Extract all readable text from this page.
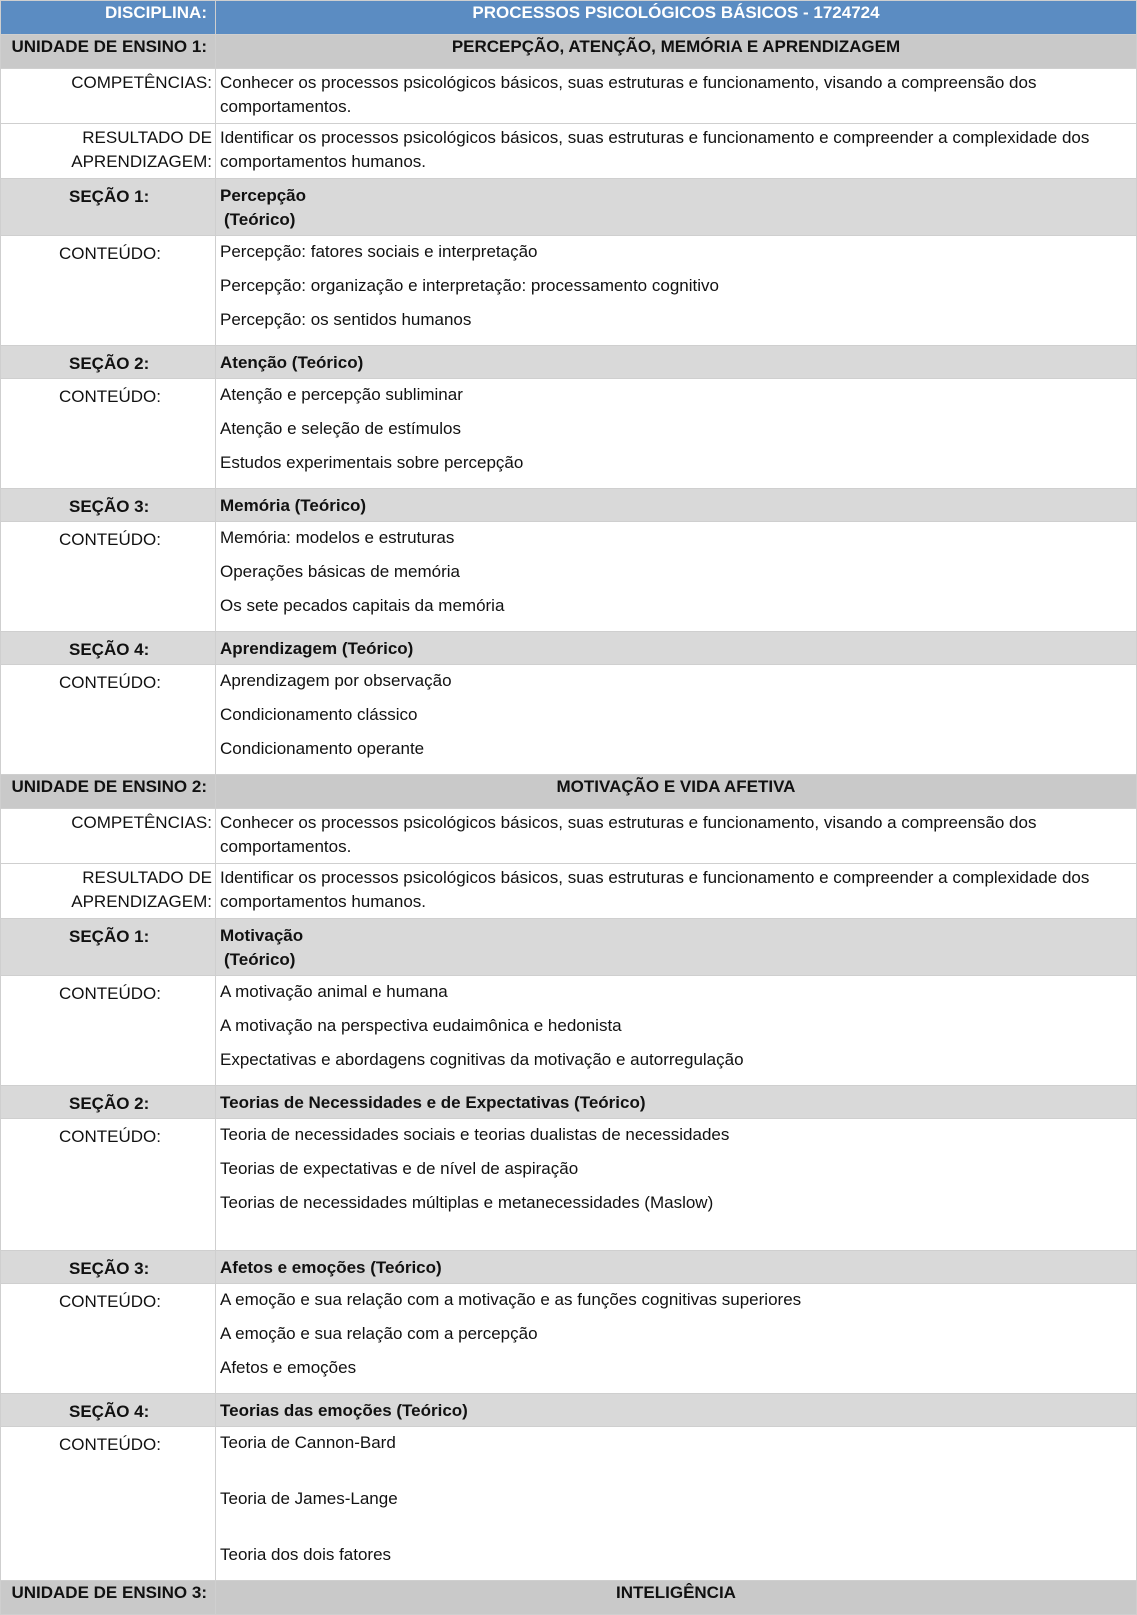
DISCIPLINA:	PROCESSOS PSICOLÓGICOS BÁSICOS - 1724724
UNIDADE DE ENSINO 1:	PERCEPÇÃO, ATENÇÃO, MEMÓRIA E APRENDIZAGEM
COMPETÊNCIAS:	Conhecer os processos psicológicos básicos, suas estruturas e funcionamento, visando a compreensão dos comportamentos.
RESULTADO DE
APRENDIZAGEM:	Identificar os processos psicológicos básicos, suas estruturas e funcionamento e compreender a complexidade dos comportamentos humanos.
SEÇÃO 1:	Percepção
(Teórico)

CONTEÚDO:	Percepção: fatores sociais e interpretação
Percepção: organização e interpretação: processamento cognitivo
Percepção: os sentidos humanos

SEÇÃO 2:	Atenção (Teórico)
CONTEÚDO:	Atenção e percepção subliminar
Atenção e seleção de estímulos
Estudos experimentais sobre percepção

SEÇÃO 3:	Memória (Teórico)
CONTEÚDO:	Memória: modelos e estruturas
Operações básicas de memória
Os sete pecados capitais da memória

SEÇÃO 4:	Aprendizagem (Teórico)
CONTEÚDO:	Aprendizagem por observação
Condicionamento clássico
Condicionamento operante

UNIDADE DE ENSINO 2:	MOTIVAÇÃO E VIDA AFETIVA
COMPETÊNCIAS:	Conhecer os processos psicológicos básicos, suas estruturas e funcionamento, visando a compreensão dos comportamentos.
RESULTADO DE
APRENDIZAGEM:	Identificar os processos psicológicos básicos, suas estruturas e funcionamento e compreender a complexidade dos comportamentos humanos.
SEÇÃO 1:	Motivação
(Teórico)

CONTEÚDO:	A motivação animal e humana
A motivação na perspectiva eudaimônica e hedonista
Expectativas e abordagens cognitivas da motivação e autorregulação

SEÇÃO 2:	Teorias de Necessidades e de Expectativas (Teórico)
CONTEÚDO:	Teoria de necessidades sociais e teorias dualistas de necessidades
Teorias de expectativas e de nível de aspiração
Teorias de necessidades múltiplas e metanecessidades (Maslow)

SEÇÃO 3:	Afetos e emoções (Teórico)
CONTEÚDO:	A emoção e sua relação com a motivação e as funções cognitivas superiores
A emoção e sua relação com a percepção
Afetos e emoções

SEÇÃO 4:	Teorias das emoções (Teórico)
CONTEÚDO:	Teoria de Cannon-Bard
Teoria de James-Lange
Teoria dos dois fatores

UNIDADE DE ENSINO 3:	INTELIGÊNCIA
